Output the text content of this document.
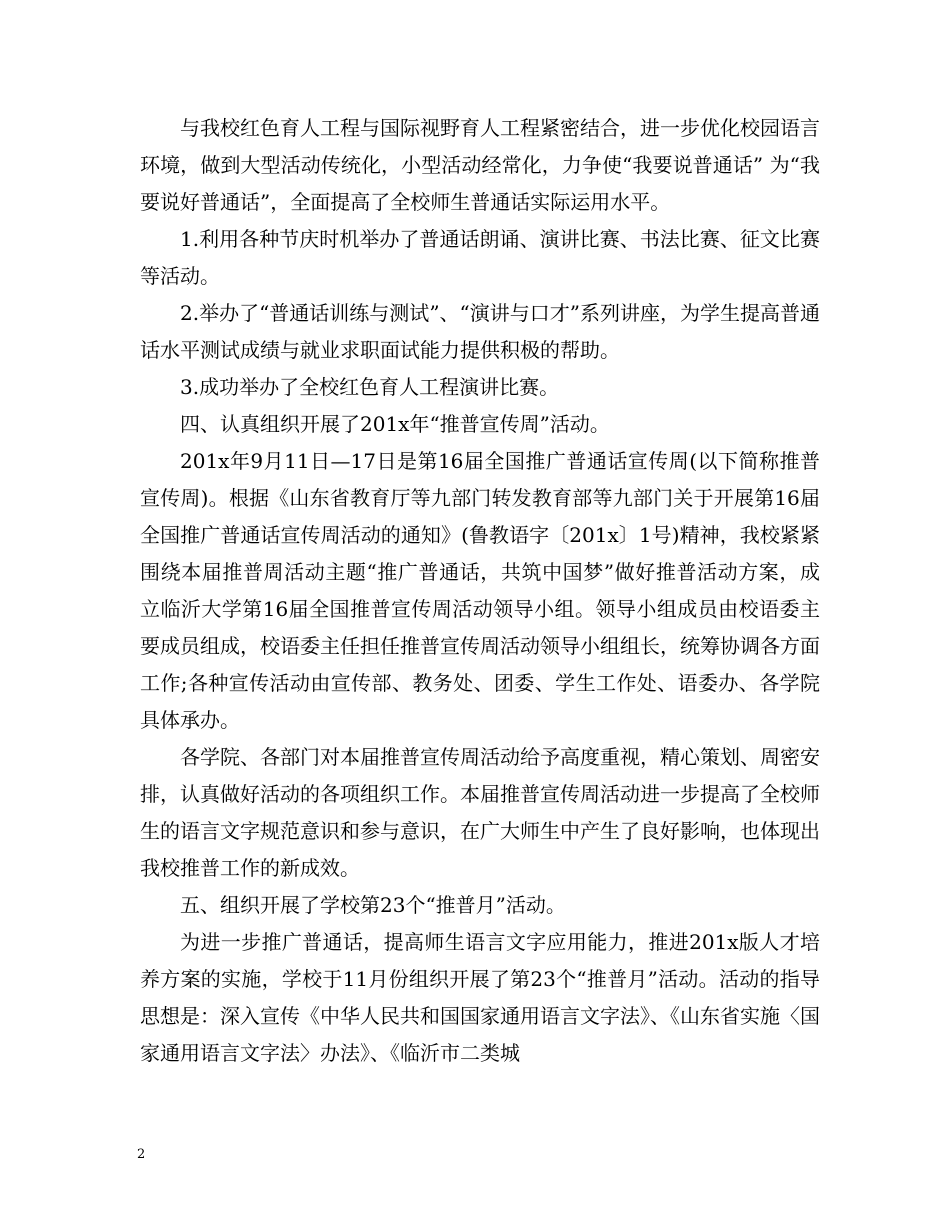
与我校红色育人工程与国际视野育人工程紧密结合，进一步优化校园语言环境，做到大型活动传统化，小型活动经常化，力争使“我要说普通话” 为“我要说好普通话”，全面提高了全校师生普通话实际运用水平。

1.利用各种节庆时机举办了普通话朗诵、演讲比赛、书法比赛、征文比赛等活动。

2.举办了“普通话训练与测试”、“演讲与口才”系列讲座，为学生提高普通话水平测试成绩与就业求职面试能力提供积极的帮助。

3.成功举办了全校红色育人工程演讲比赛。

四、认真组织开展了201x年“推普宣传周”活动。

201x年9月11日—17日是第16届全国推广普通话宣传周(以下简称推普宣传周)。根据《山东省教育厅等九部门转发教育部等九部门关于开展第16届全国推广普通话宣传周活动的通知》(鲁教语字〔201x〕1号)精神，我校紧紧围绕本届推普周活动主题“推广普通话，共筑中国梦”做好推普活动方案，成立临沂大学第16届全国推普宣传周活动领导小组。领导小组成员由校语委主要成员组成，校语委主任担任推普宣传周活动领导小组组长，统筹协调各方面工作;各种宣传活动由宣传部、教务处、团委、学生工作处、语委办、各学院具体承办。

各学院、各部门对本届推普宣传周活动给予高度重视，精心策划、周密安排，认真做好活动的各项组织工作。本届推普宣传周活动进一步提高了全校师生的语言文字规范意识和参与意识，在广大师生中产生了良好影响，也体现出我校推普工作的新成效。

五、组织开展了学校第23个“推普月”活动。

为进一步推广普通话，提高师生语言文字应用能力，推进201x版人才培养方案的实施，学校于11月份组织开展了第23个“推普月”活动。活动的指导思想是：深入宣传《中华人民共和国国家通用语言文字法》、《山东省实施〈国家通用语言文字法〉办法》、《临沂市二类城

2
